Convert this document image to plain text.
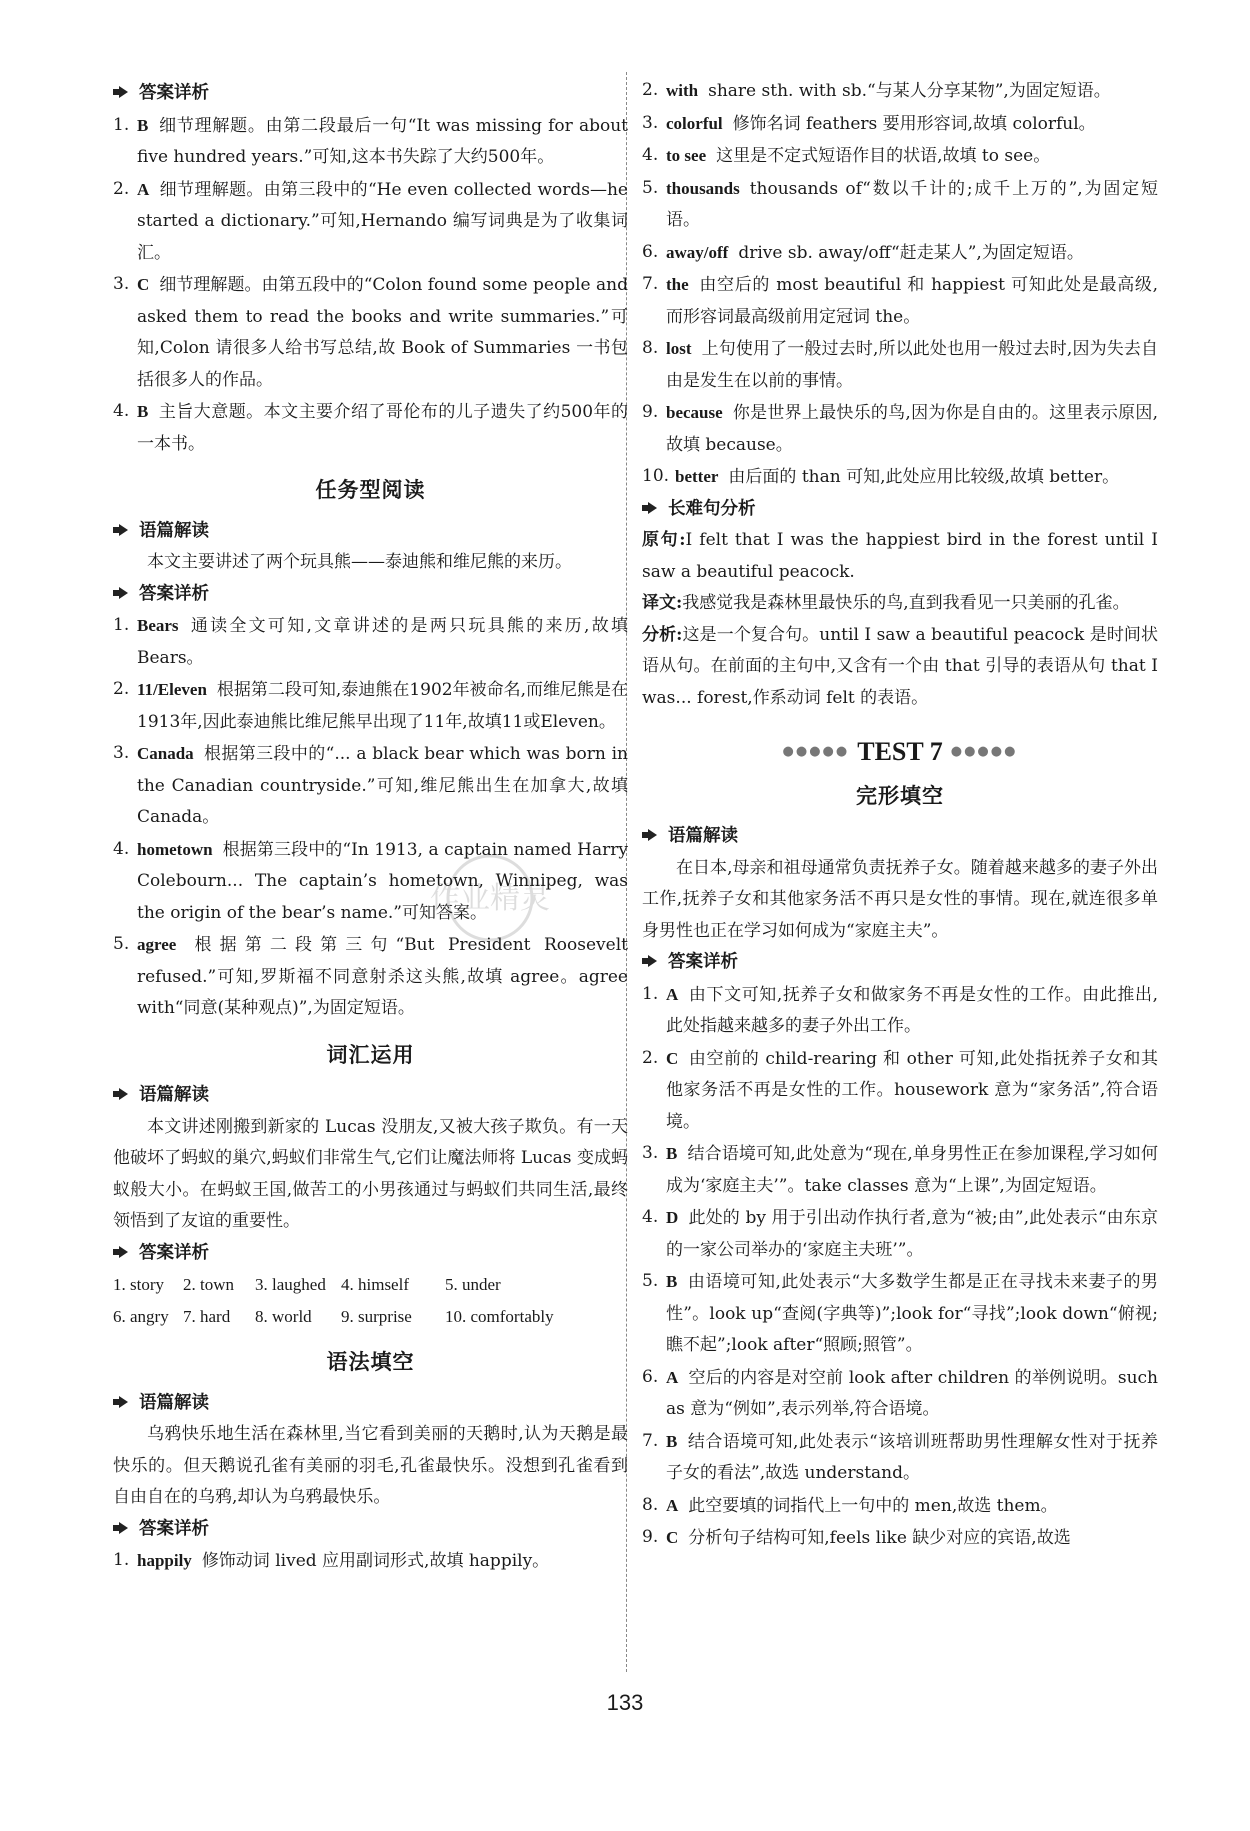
答案详析
1. B 细节理解题。由第二段最后一句“It was missing for about five hundred years.”可知,这本书失踪了大约500年。
2. A 细节理解题。由第三段中的“He even collected words—he started a dictionary.”可知,Hernando 编写词典是为了收集词汇。
3. C 细节理解题。由第五段中的“Colon found some people and asked them to read the books and write summaries.”可知,Colon 请很多人给书写总结,故 Book of Summaries 一书包括很多人的作品。
4. B 主旨大意题。本文主要介绍了哥伦布的儿子遗失了约500年的一本书。
任务型阅读
语篇解读

本文主要讲述了两个玩具熊——泰迪熊和维尼熊的来历。

答案详析
1. Bears 通读全文可知,文章讲述的是两只玩具熊的来历,故填 Bears。
2. 11/Eleven 根据第二段可知,泰迪熊在1902年被命名,而维尼熊是在1913年,因此泰迪熊比维尼熊早出现了11年,故填11或Eleven。
3. Canada 根据第三段中的“... a black bear which was born in the Canadian countryside.”可知,维尼熊出生在加拿大,故填 Canada。
4. hometown 根据第三段中的“In 1913, a captain named Harry Colebourn... The captain’s hometown, Winnipeg, was the origin of the bear’s name.”可知答案。
5. agree 根据第二段第三句“But President Roosevelt refused.”可知,罗斯福不同意射杀这头熊,故填 agree。agree with“同意(某种观点)”,为固定短语。
词汇运用
语篇解读

本文讲述刚搬到新家的 Lucas 没朋友,又被大孩子欺负。有一天他破坏了蚂蚁的巢穴,蚂蚁们非常生气,它们让魔法师将 Lucas 变成蚂蚁般大小。在蚂蚁王国,做苦工的小男孩通过与蚂蚁们共同生活,最终领悟到了友谊的重要性。

答案详析
1. story	2. town	3. laughed 4. himself	5. under
6. angry 7. hard	8. world	9. surprise	10. comfortably
语法填空
语篇解读

乌鸦快乐地生活在森林里,当它看到美丽的天鹅时,认为天鹅是最快乐的。但天鹅说孔雀有美丽的羽毛,孔雀最快乐。没想到孔雀看到自由自在的乌鸦,却认为乌鸦最快乐。

答案详析
1. happily 修饰动词 lived 应用副词形式,故填 happily。
2. with share sth. with sb.“与某人分享某物”,为固定短语。
3. colorful 修饰名词 feathers 要用形容词,故填 colorful。
4. to see 这里是不定式短语作目的状语,故填 to see。
5. thousands thousands of“数以千计的;成千上万的”,为固定短语。
6. away/off drive sb. away/off“赶走某人”,为固定短语。
7. the 由空后的 most beautiful 和 happiest 可知此处是最高级,而形容词最高级前用定冠词 the。
8. lost 上句使用了一般过去时,所以此处也用一般过去时,因为失去自由是发生在以前的事情。
9. because 你是世界上最快乐的鸟,因为你是自由的。这里表示原因,故填 because。
10. better 由后面的 than 可知,此处应用比较级,故填 better。
长难句分析

原句:I felt that I was the happiest bird in the forest until I saw a beautiful peacock.

译文:我感觉我是森林里最快乐的鸟,直到我看见一只美丽的孔雀。

分析:这是一个复合句。until I saw a beautiful peacock 是时间状语从句。在前面的主句中,又含有一个由 that 引导的表语从句 that I was... forest,作系动词 felt 的表语。

●●●●● TEST 7 ●●●●●
完形填空
语篇解读

在日本,母亲和祖母通常负责抚养子女。随着越来越多的妻子外出工作,抚养子女和其他家务活不再只是女性的事情。现在,就连很多单身男性也正在学习如何成为“家庭主夫”。

答案详析
1. A 由下文可知,抚养子女和做家务不再是女性的工作。由此推出,此处指越来越多的妻子外出工作。
2. C 由空前的 child-rearing 和 other 可知,此处指抚养子女和其他家务活不再是女性的工作。housework 意为“家务活”,符合语境。
3. B 结合语境可知,此处意为“现在,单身男性正在参加课程,学习如何成为‘家庭主夫’”。take classes 意为“上课”,为固定短语。
4. D 此处的 by 用于引出动作执行者,意为“被;由”,此处表示“由东京的一家公司举办的‘家庭主夫班’”。
5. B 由语境可知,此处表示“大多数学生都是正在寻找未来妻子的男性”。look up“查阅(字典等)”;look for“寻找”;look down“俯视;瞧不起”;look after“照顾;照管”。
6. A 空后的内容是对空前 look after children 的举例说明。such as 意为“例如”,表示列举,符合语境。
7. B 结合语境可知,此处表示“该培训班帮助男性理解女性对于抚养子女的看法”,故选 understand。
8. A 此空要填的词指代上一句中的 men,故选 them。
9. C 分析句子结构可知,feels like 缺少对应的宾语,故选
133
作业精灵
